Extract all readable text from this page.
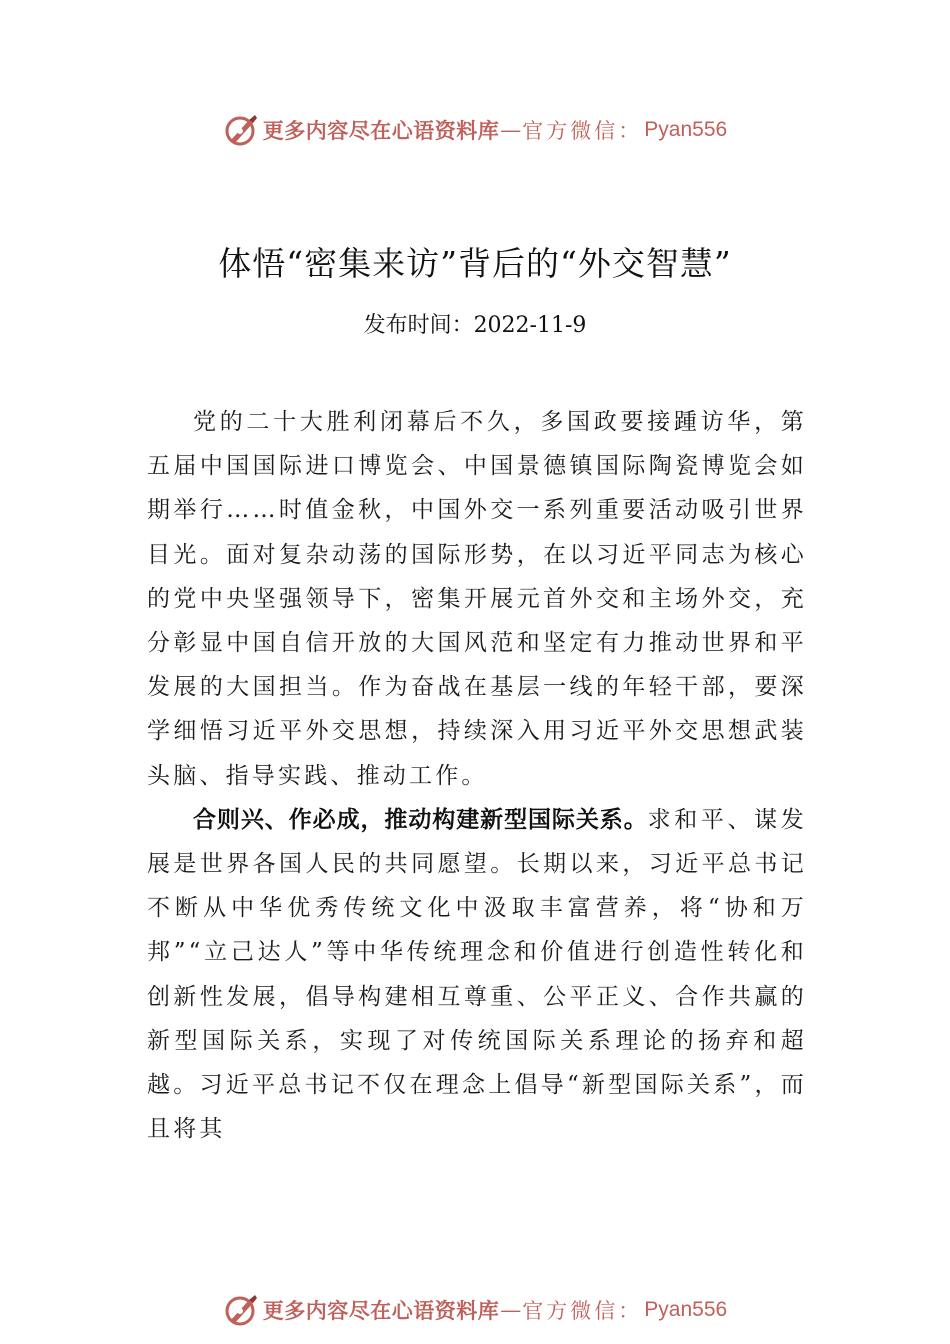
更多内容尽在心语资料库 — 官方微信： Pyan556
体悟“密集来访”背后的“外交智慧”
发布时间：2022-11-9

党的二十大胜利闭幕后不久，多国政要接踵访华，第五届中国国际进口博览会、中国景德镇国际陶瓷博览会如期举行……时值金秋，中国外交一系列重要活动吸引世界目光。面对复杂动荡的国际形势，在以习近平同志为核心的党中央坚强领导下，密集开展元首外交和主场外交，充分彰显中国自信开放的大国风范和坚定有力推动世界和平发展的大国担当。作为奋战在基层一线的年轻干部，要深学细悟习近平外交思想，持续深入用习近平外交思想武装头脑、指导实践、推动工作。

合则兴、作必成，推动构建新型国际关系。求和平、谋发展是世界各国人民的共同愿望。长期以来，习近平总书记不断从中华优秀传统文化中汲取丰富营养，将“协和万邦”“立己达人”等中华传统理念和价值进行创造性转化和创新性发展，倡导构建相互尊重、公平正义、合作共赢的新型国际关系，实现了对传统国际关系理论的扬弃和超越。习近平总书记不仅在理念上倡导“新型国际关系”，而且将其

更多内容尽在心语资料库 — 官方微信： Pyan556
